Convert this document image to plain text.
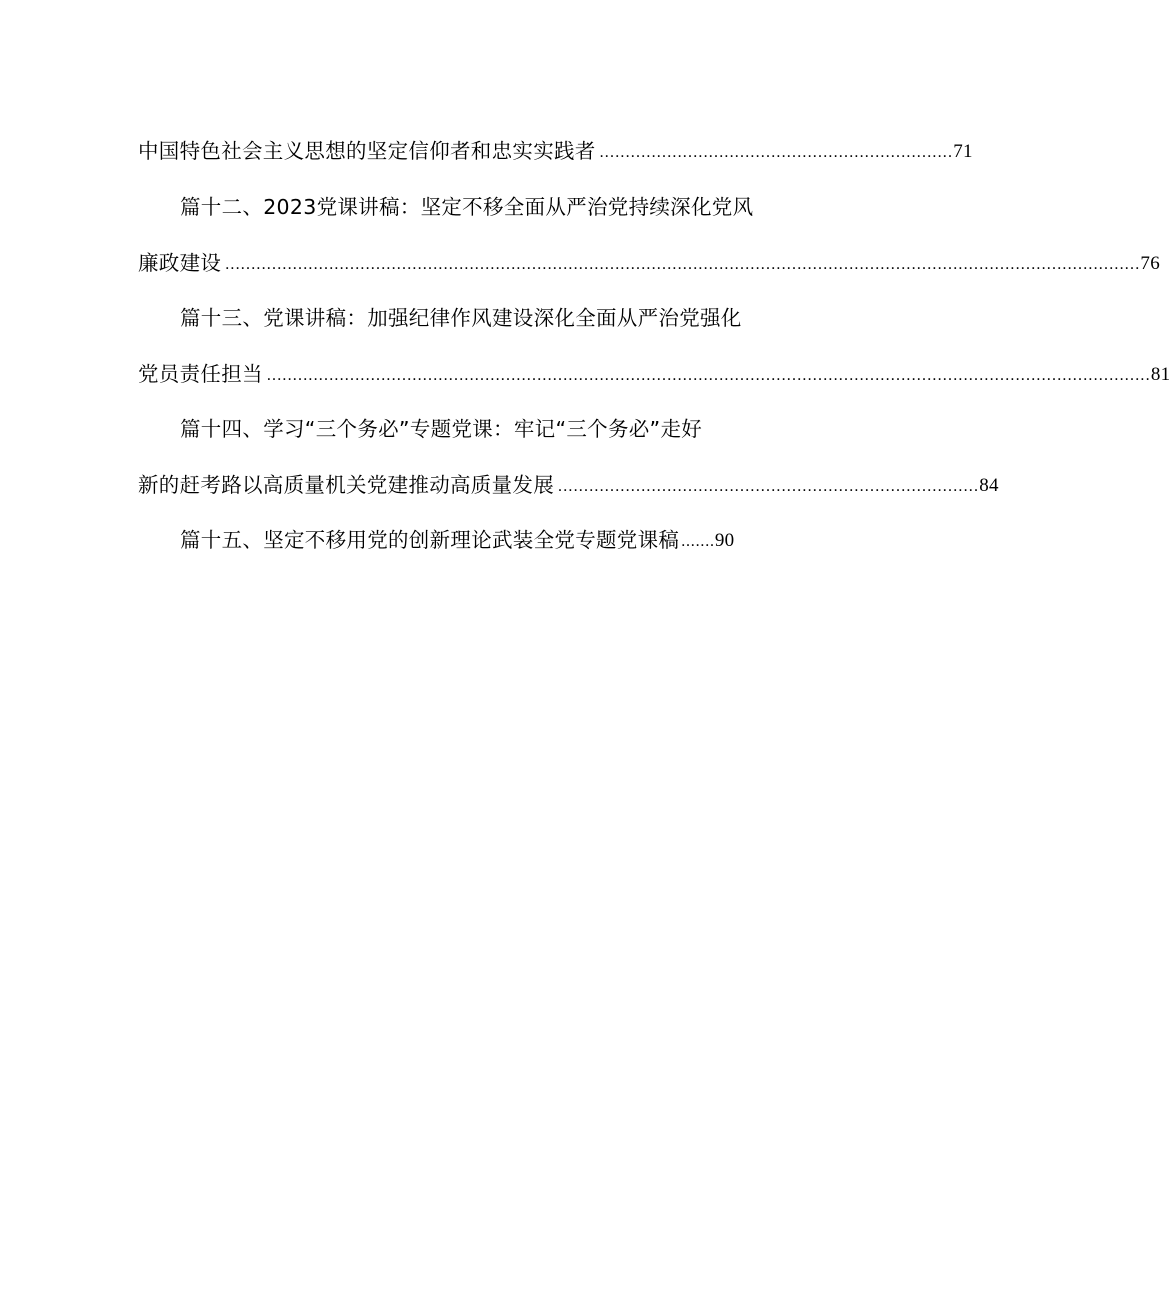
中国特色社会主义思想的坚定信仰者和忠实实践者 .................................................................... 71
篇十二、2023党课讲稿：坚定不移全面从严治党持续深化党风
廉政建设 ................................................................................................................................................................................ 76
篇十三、党课讲稿：加强纪律作风建设深化全面从严治党强化
党员责任担当 .......................................................................................................................................................................... 81
篇十四、学习“三个务必”专题党课：牢记“三个务必”走好
新的赶考路以高质量机关党建推动高质量发展 ................................................................................. 84
篇十五、坚定不移用党的创新理论武装全党专题党课稿 ....... 90
